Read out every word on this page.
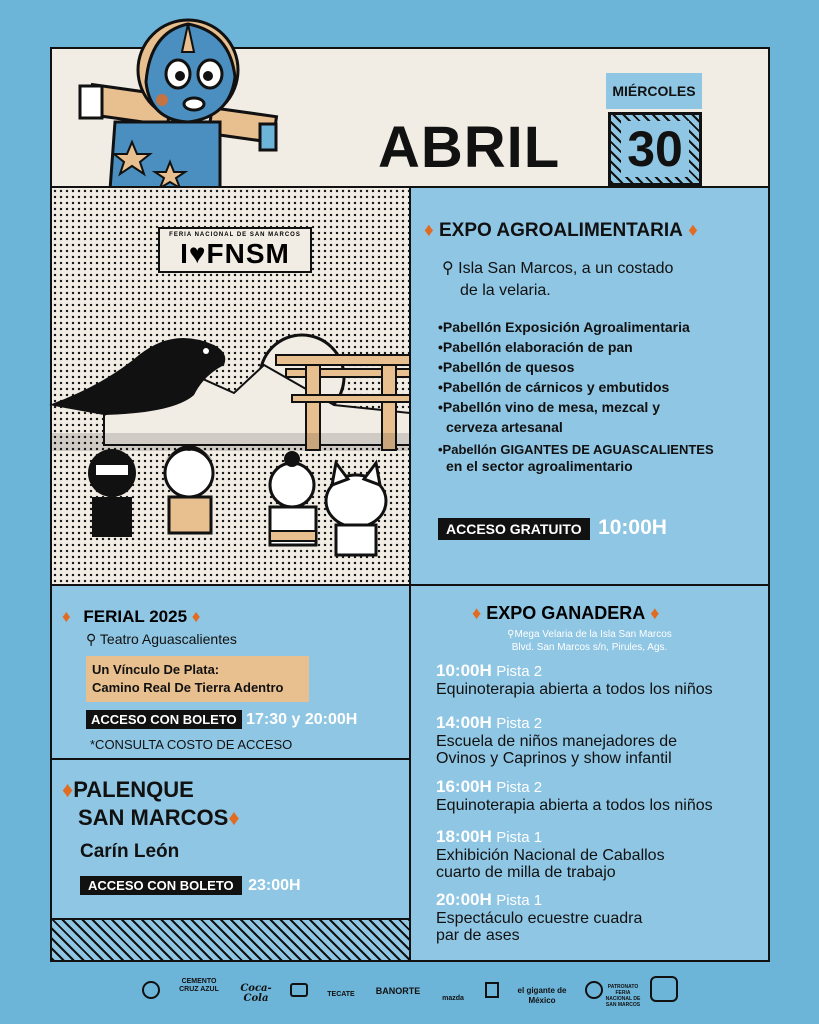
MIÉRCOLES
ABRIL 30
FERIA NACIONAL DE SAN MARCOS
I♥FNSM
♦ EXPO AGROALIMENTARIA ♦
⚲ Isla San Marcos, a un costado
de la velaria.
•Pabellón Exposición Agroalimentaria
•Pabellón elaboración de pan
•Pabellón de quesos
•Pabellón de cárnicos y embutidos
•Pabellón vino de mesa, mezcal y
cerveza artesanal
•Pabellón GIGANTES DE AGUASCALIENTES
en el sector agroalimentario
ACCESO GRATUITO 10:00H
♦ FERIAL 2025 ♦
⚲ Teatro Aguascalientes
Un Vínculo De Plata:
Camino Real De Tierra Adentro
ACCESO CON BOLETO 17:30 y 20:00H
*CONSULTA COSTO DE ACCESO
♦PALENQUE
SAN MARCOS♦
Carín León
ACCESO CON BOLETO 23:00H
♦ EXPO GANADERA ♦
⚲Mega Velaria de la Isla San Marcos
Blvd. San Marcos s/n, Pirules, Ags.
10:00H Pista 2
Equinoterapia abierta a todos los niños
14:00H Pista 2
Escuela de niños manejadores de
Ovinos y Caprinos y show infantil
16:00H Pista 2
Equinoterapia abierta a todos los niños
18:00H Pista 1
Exhibición Nacional de Caballos
cuarto de milla de trabajo
20:00H Pista 1
Espectáculo ecuestre cuadra
par de ases
CEMENTO CRUZ AZUL	Coca-Cola	TECATE	BANORTE
mazda
el gigante de México
PATRONATO FERIA NACIONAL DE SAN MARCOS
